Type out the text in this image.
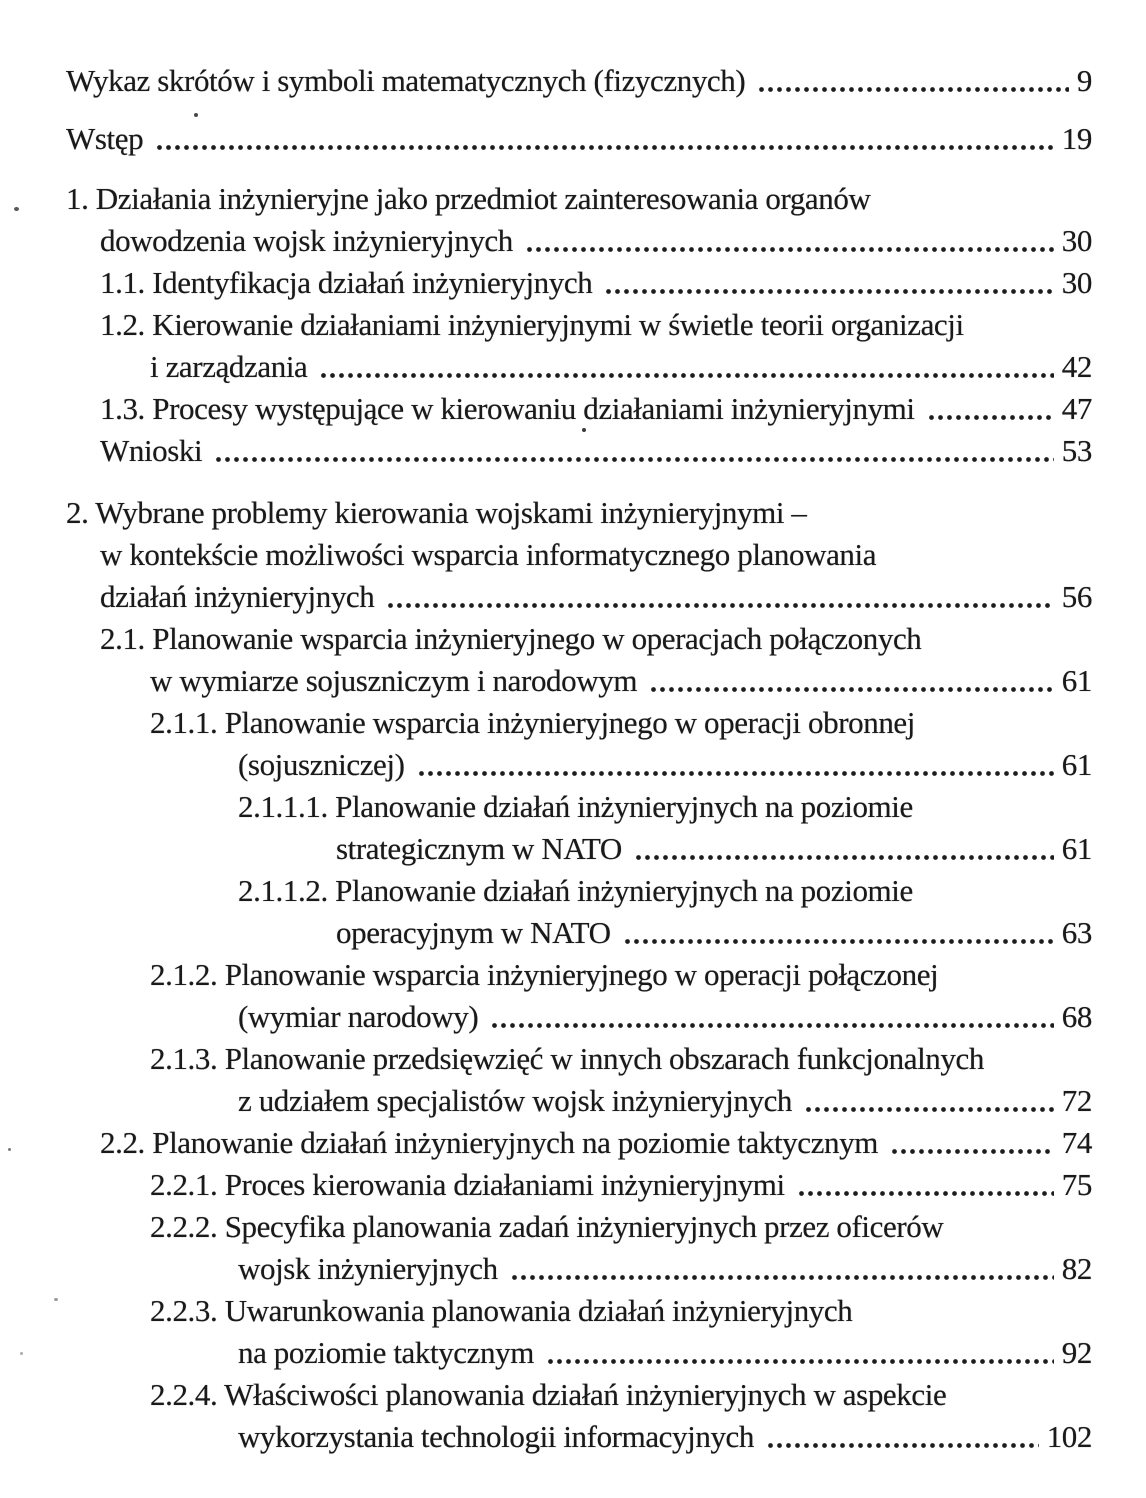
Wykaz skrótów i symboli matematycznych (fizycznych)	9
Wstęp	19
1. Działania inżynieryjne jako przedmiot zainteresowania organów
dowodzenia wojsk inżynieryjnych	30
1.1. Identyfikacja działań inżynieryjnych	30
1.2. Kierowanie działaniami inżynieryjnymi w świetle teorii organizacji
i zarządzania	42
1.3. Procesy występujące w kierowaniu działaniami inżynieryjnymi	47
Wnioski	53
2. Wybrane problemy kierowania wojskami inżynieryjnymi –
w kontekście możliwości wsparcia informatycznego planowania
działań inżynieryjnych	56
2.1. Planowanie wsparcia inżynieryjnego w operacjach połączonych
w wymiarze sojuszniczym i narodowym	61
2.1.1. Planowanie wsparcia inżynieryjnego w operacji obronnej
(sojuszniczej)	61
2.1.1.1. Planowanie działań inżynieryjnych na poziomie
strategicznym w NATO	61
2.1.1.2. Planowanie działań inżynieryjnych na poziomie
operacyjnym w NATO	63
2.1.2. Planowanie wsparcia inżynieryjnego w operacji połączonej
(wymiar narodowy)	68
2.1.3. Planowanie przedsięwzięć w innych obszarach funkcjonalnych
z udziałem specjalistów wojsk inżynieryjnych	72
2.2. Planowanie działań inżynieryjnych na poziomie taktycznym	74
2.2.1. Proces kierowania działaniami inżynieryjnymi	75
2.2.2. Specyfika planowania zadań inżynieryjnych przez oficerów
wojsk inżynieryjnych	82
2.2.3. Uwarunkowania planowania działań inżynieryjnych
na poziomie taktycznym	92
2.2.4. Właściwości planowania działań inżynieryjnych w aspekcie
wykorzystania technologii informacyjnych	102
